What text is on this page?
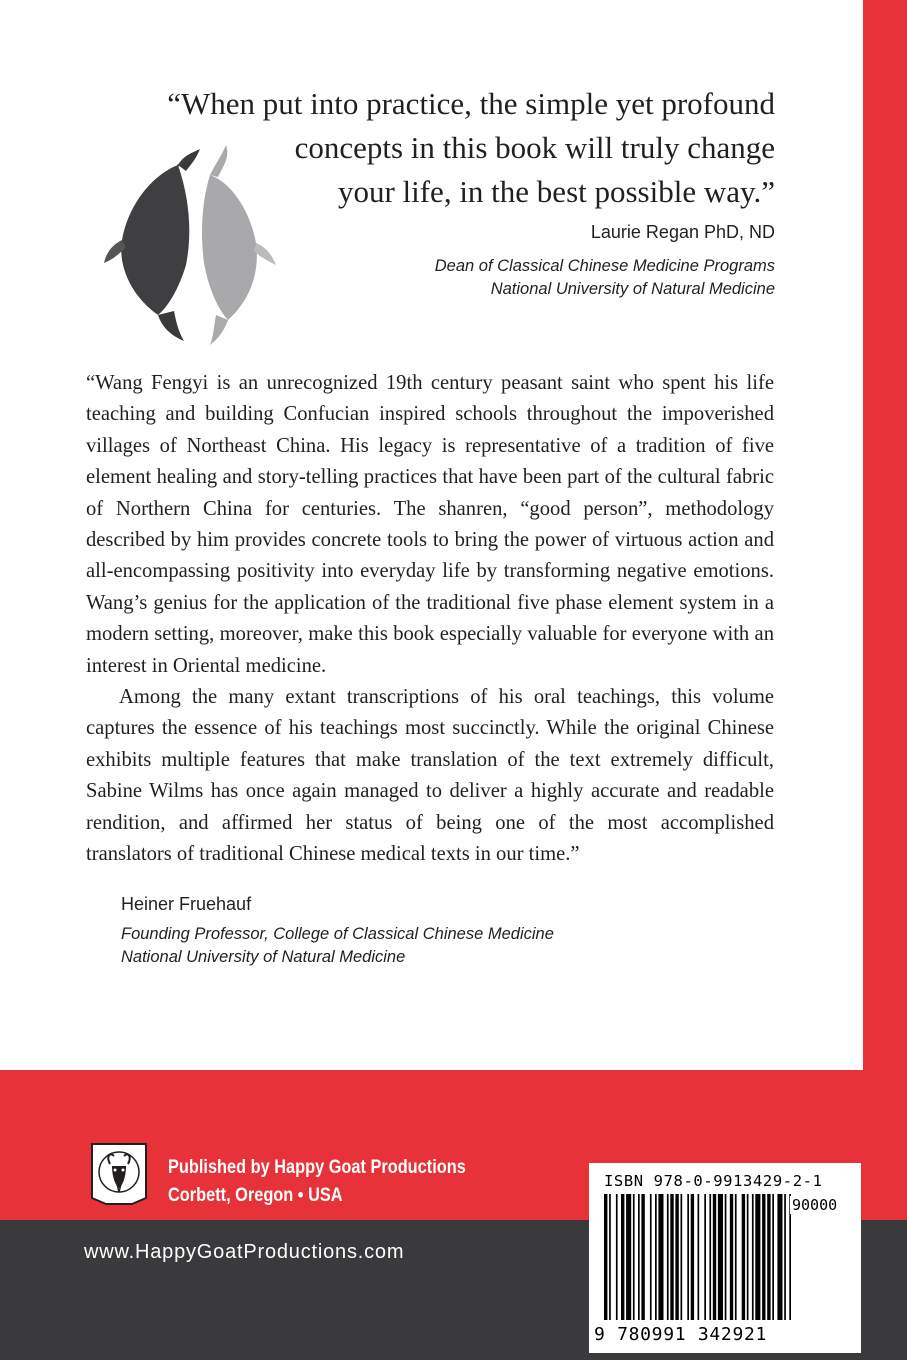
“When put into practice, the simple yet profound
concepts in this book will truly change
your life, in the best possible way.”
Laurie Regan PhD, ND
Dean of Classical Chinese Medicine Programs
National University of Natural Medicine

“Wang Fengyi is an unrecognized 19th century peasant saint who spent his life teaching and building Confucian inspired schools throughout the impoverished villages of Northeast China. His legacy is representative of a tradition of five element healing and story-telling practices that have been part of the cultural fabric of Northern China for centuries. The shanren, “good person”, methodology described by him provides concrete tools to bring the power of virtuous action and all-encompassing positivity into everyday life by transforming negative emotions. Wang’s genius for the application of the traditional five phase element system in a modern setting, moreover, make this book especially valuable for everyone with an interest in Oriental medicine.

Among the many extant transcriptions of his oral teachings, this volume captures the essence of his teachings most succinctly. While the original Chinese exhibits multiple features that make translation of the text extremely difficult, Sabine Wilms has once again managed to deliver a highly accurate and readable rendition, and affirmed her status of being one of the most accomplished translators of traditional Chinese medical texts in our time.”

Heiner Fruehauf
Founding Professor, College of Classical Chinese Medicine
National University of Natural Medicine
Published by Happy Goat Productions
Corbett, Oregon • USA
www.HappyGoatProductions.com
ISBN 978-0-9913429-2-1
90000
9 780991 342921
